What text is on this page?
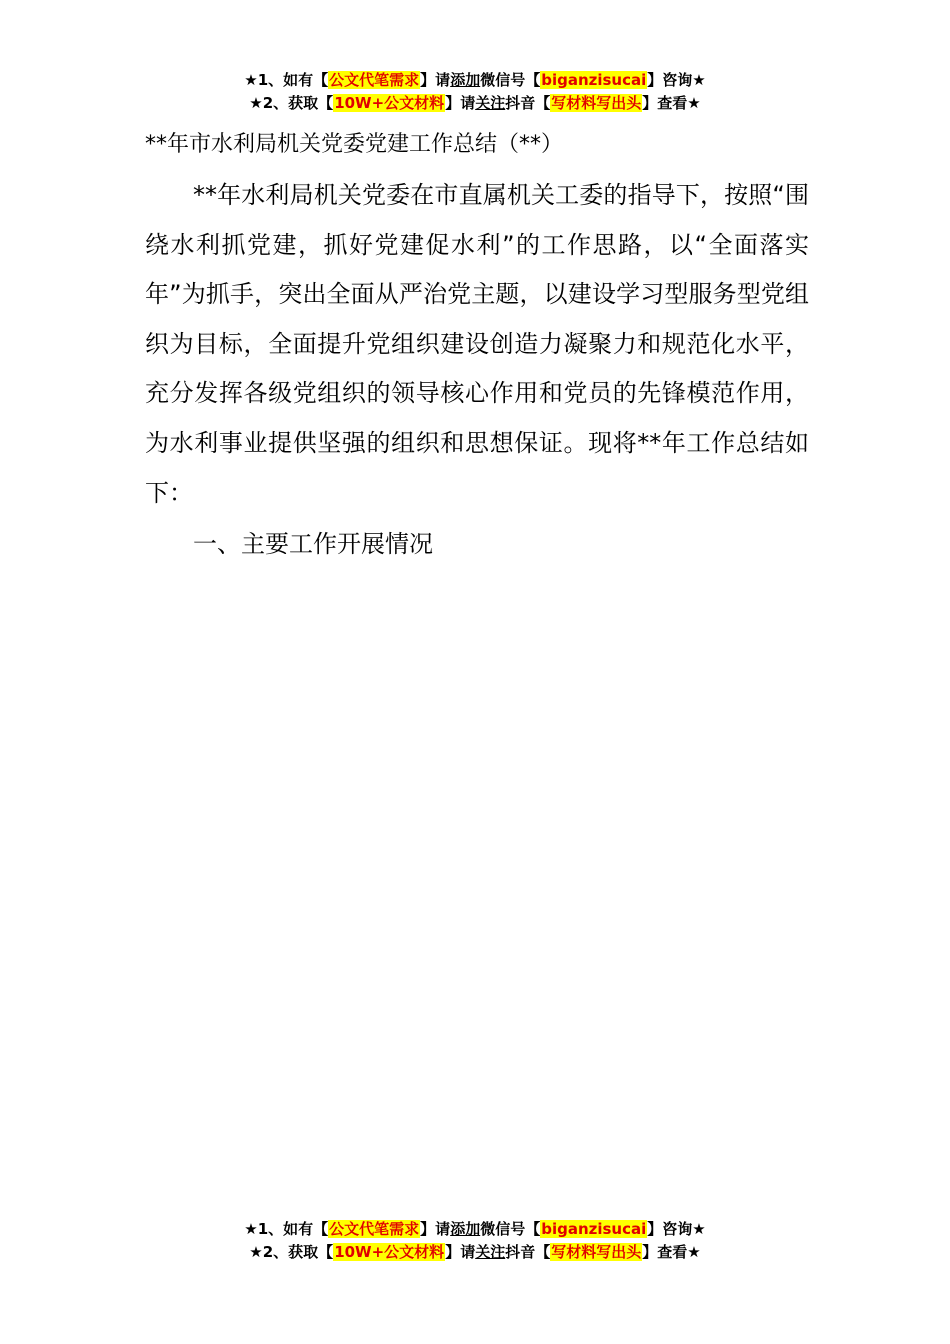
★1、如有【公文代笔需求】请添加微信号【biganzisucai】咨询★
★2、获取【10W+公文材料】请关注抖音【写材料写出头】查看★
**年市水利局机关党委党建工作总结（**）

**年水利局机关党委在市直属机关工委的指导下，按照“围绕水利抓党建，抓好党建促水利”的工作思路，以“全面落实年”为抓手，突出全面从严治党主题，以建设学习型服务型党组织为目标，全面提升党组织建设创造力凝聚力和规范化水平，充分发挥各级党组织的领导核心作用和党员的先锋模范作用，为水利事业提供坚强的组织和思想保证。现将**年工作总结如下：

一、主要工作开展情况
★1、如有【公文代笔需求】请添加微信号【biganzisucai】咨询★
★2、获取【10W+公文材料】请关注抖音【写材料写出头】查看★
